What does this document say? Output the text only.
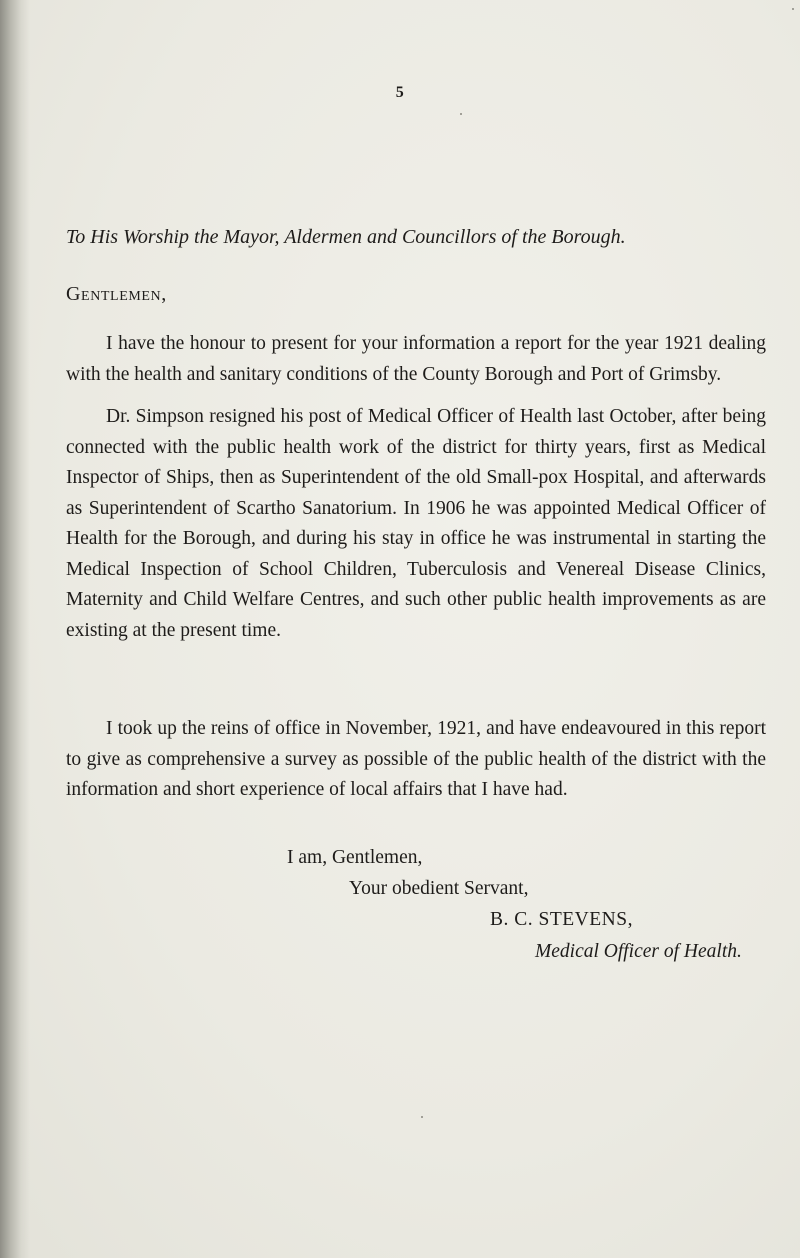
5
To His Worship the Mayor, Aldermen and Councillors of the Borough.
Gentlemen,

I have the honour to present for your information a report for the year 1921 dealing with the health and sanitary conditions of the County Borough and Port of Grimsby.

Dr. Simpson resigned his post of Medical Officer of Health last October, after being connected with the public health work of the district for thirty years, first as Medical Inspector of Ships, then as Superintendent of the old Small-pox Hospital, and afterwards as Superintendent of Scartho Sanatorium. In 1906 he was appointed Medical Officer of Health for the Borough, and during his stay in office he was instrumental in starting the Medical Inspection of School Children, Tuberculosis and Venereal Disease Clinics, Maternity and Child Welfare Centres, and such other public health improvements as are existing at the present time.

I took up the reins of office in November, 1921, and have endeavoured in this report to give as comprehensive a survey as possible of the public health of the district with the information and short experience of local affairs that I have had.

I am, Gentlemen,
Your obedient Servant,
B. C. STEVENS,
Medical Officer of Health.
